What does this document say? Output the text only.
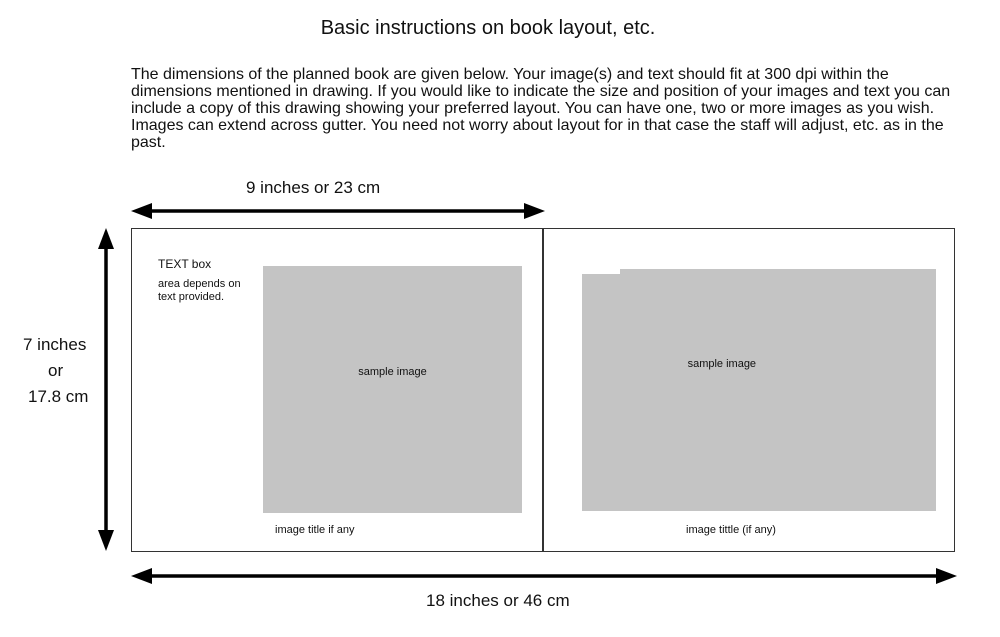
Basic instructions on book layout, etc.
The dimensions of the planned book are given below. Your image(s) and text should fit at 300 dpi within the dimensions mentioned in drawing. If you would like to indicate the size and position of your images and text you can include a copy of this drawing showing your preferred layout. You can have one, two or more images as you wish. Images can extend across gutter. You need not worry about layout for in that case the staff will adjust, etc. as in the past.
9 inches or 23 cm
7 inches
or
17.8 cm
18 inches or 46 cm
TEXT box
area depends on text provided.
sample image
image title if any
sample image
image tittle (if any)
